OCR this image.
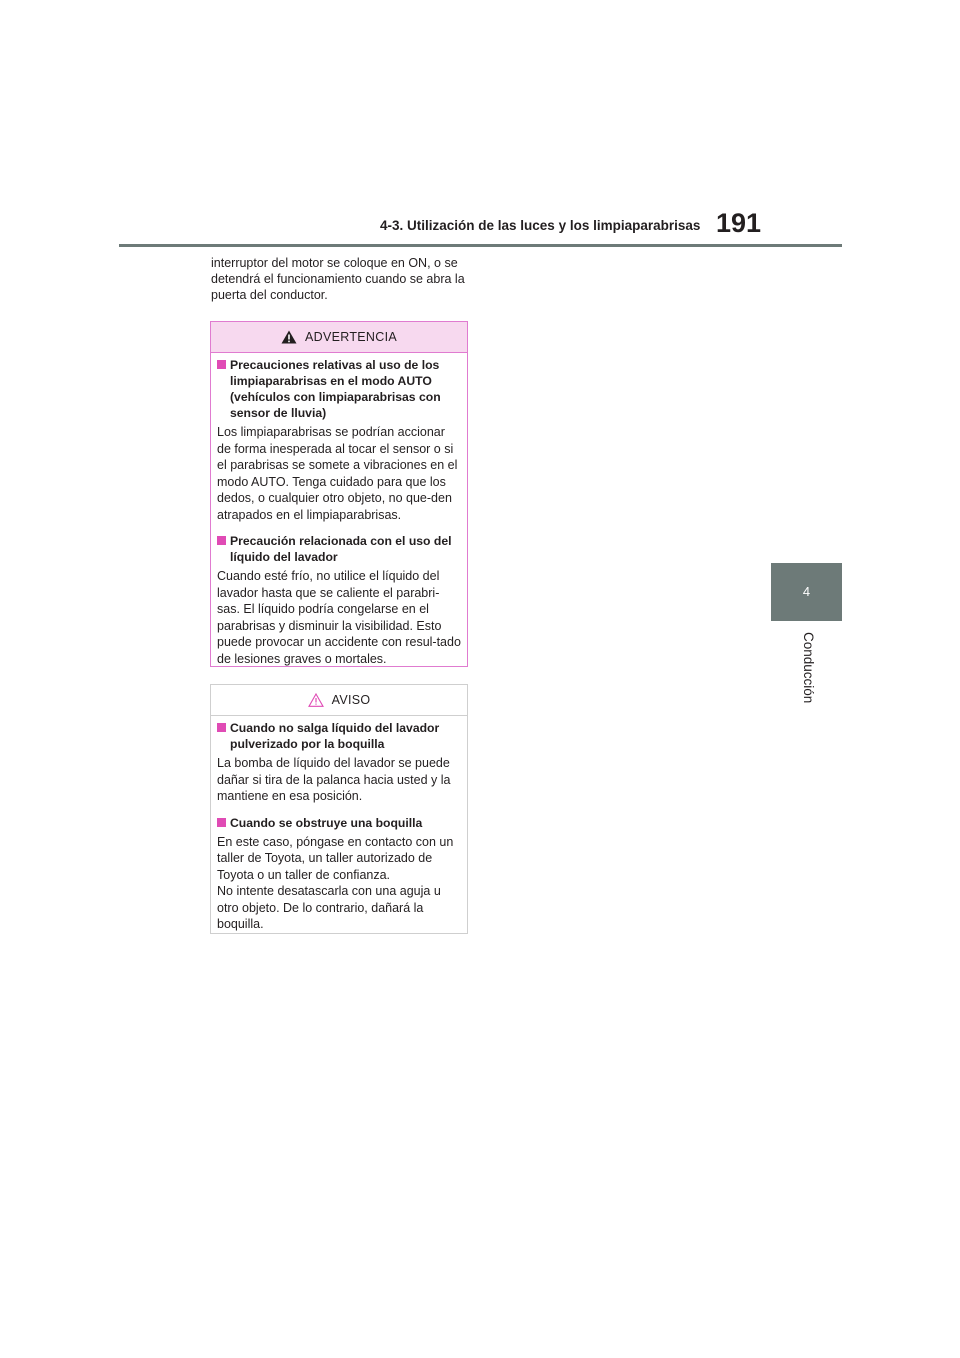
4-3. Utilización de las luces y los limpiaparabrisas 191
4
Conducción

interruptor del motor se coloque en ON, o se detendrá el funcionamiento cuando se abra la puerta del conductor.

ADVERTENCIA
Precauciones relativas al uso de los limpiaparabrisas en el modo AUTO (vehículos con limpiaparabrisas con sensor de lluvia)

Los limpiaparabrisas se podrían accionar de forma inesperada al tocar el sensor o si el parabrisas se somete a vibraciones en el modo AUTO. Tenga cuidado para que los dedos, o cualquier otro objeto, no que-den atrapados en el limpiaparabrisas.

Precaución relacionada con el uso del líquido del lavador

Cuando esté frío, no utilice el líquido del lavador hasta que se caliente el parabri-sas. El líquido podría congelarse en el parabrisas y disminuir la visibilidad. Esto puede provocar un accidente con resul-tado de lesiones graves o mortales.

AVISO
Cuando no salga líquido del lavador pulverizado por la boquilla

La bomba de líquido del lavador se puede dañar si tira de la palanca hacia usted y la mantiene en esa posición.

Cuando se obstruye una boquilla

En este caso, póngase en contacto con un taller de Toyota, un taller autorizado de Toyota o un taller de confianza.
No intente desatascarla con una aguja u otro objeto. De lo contrario, dañará la boquilla.
